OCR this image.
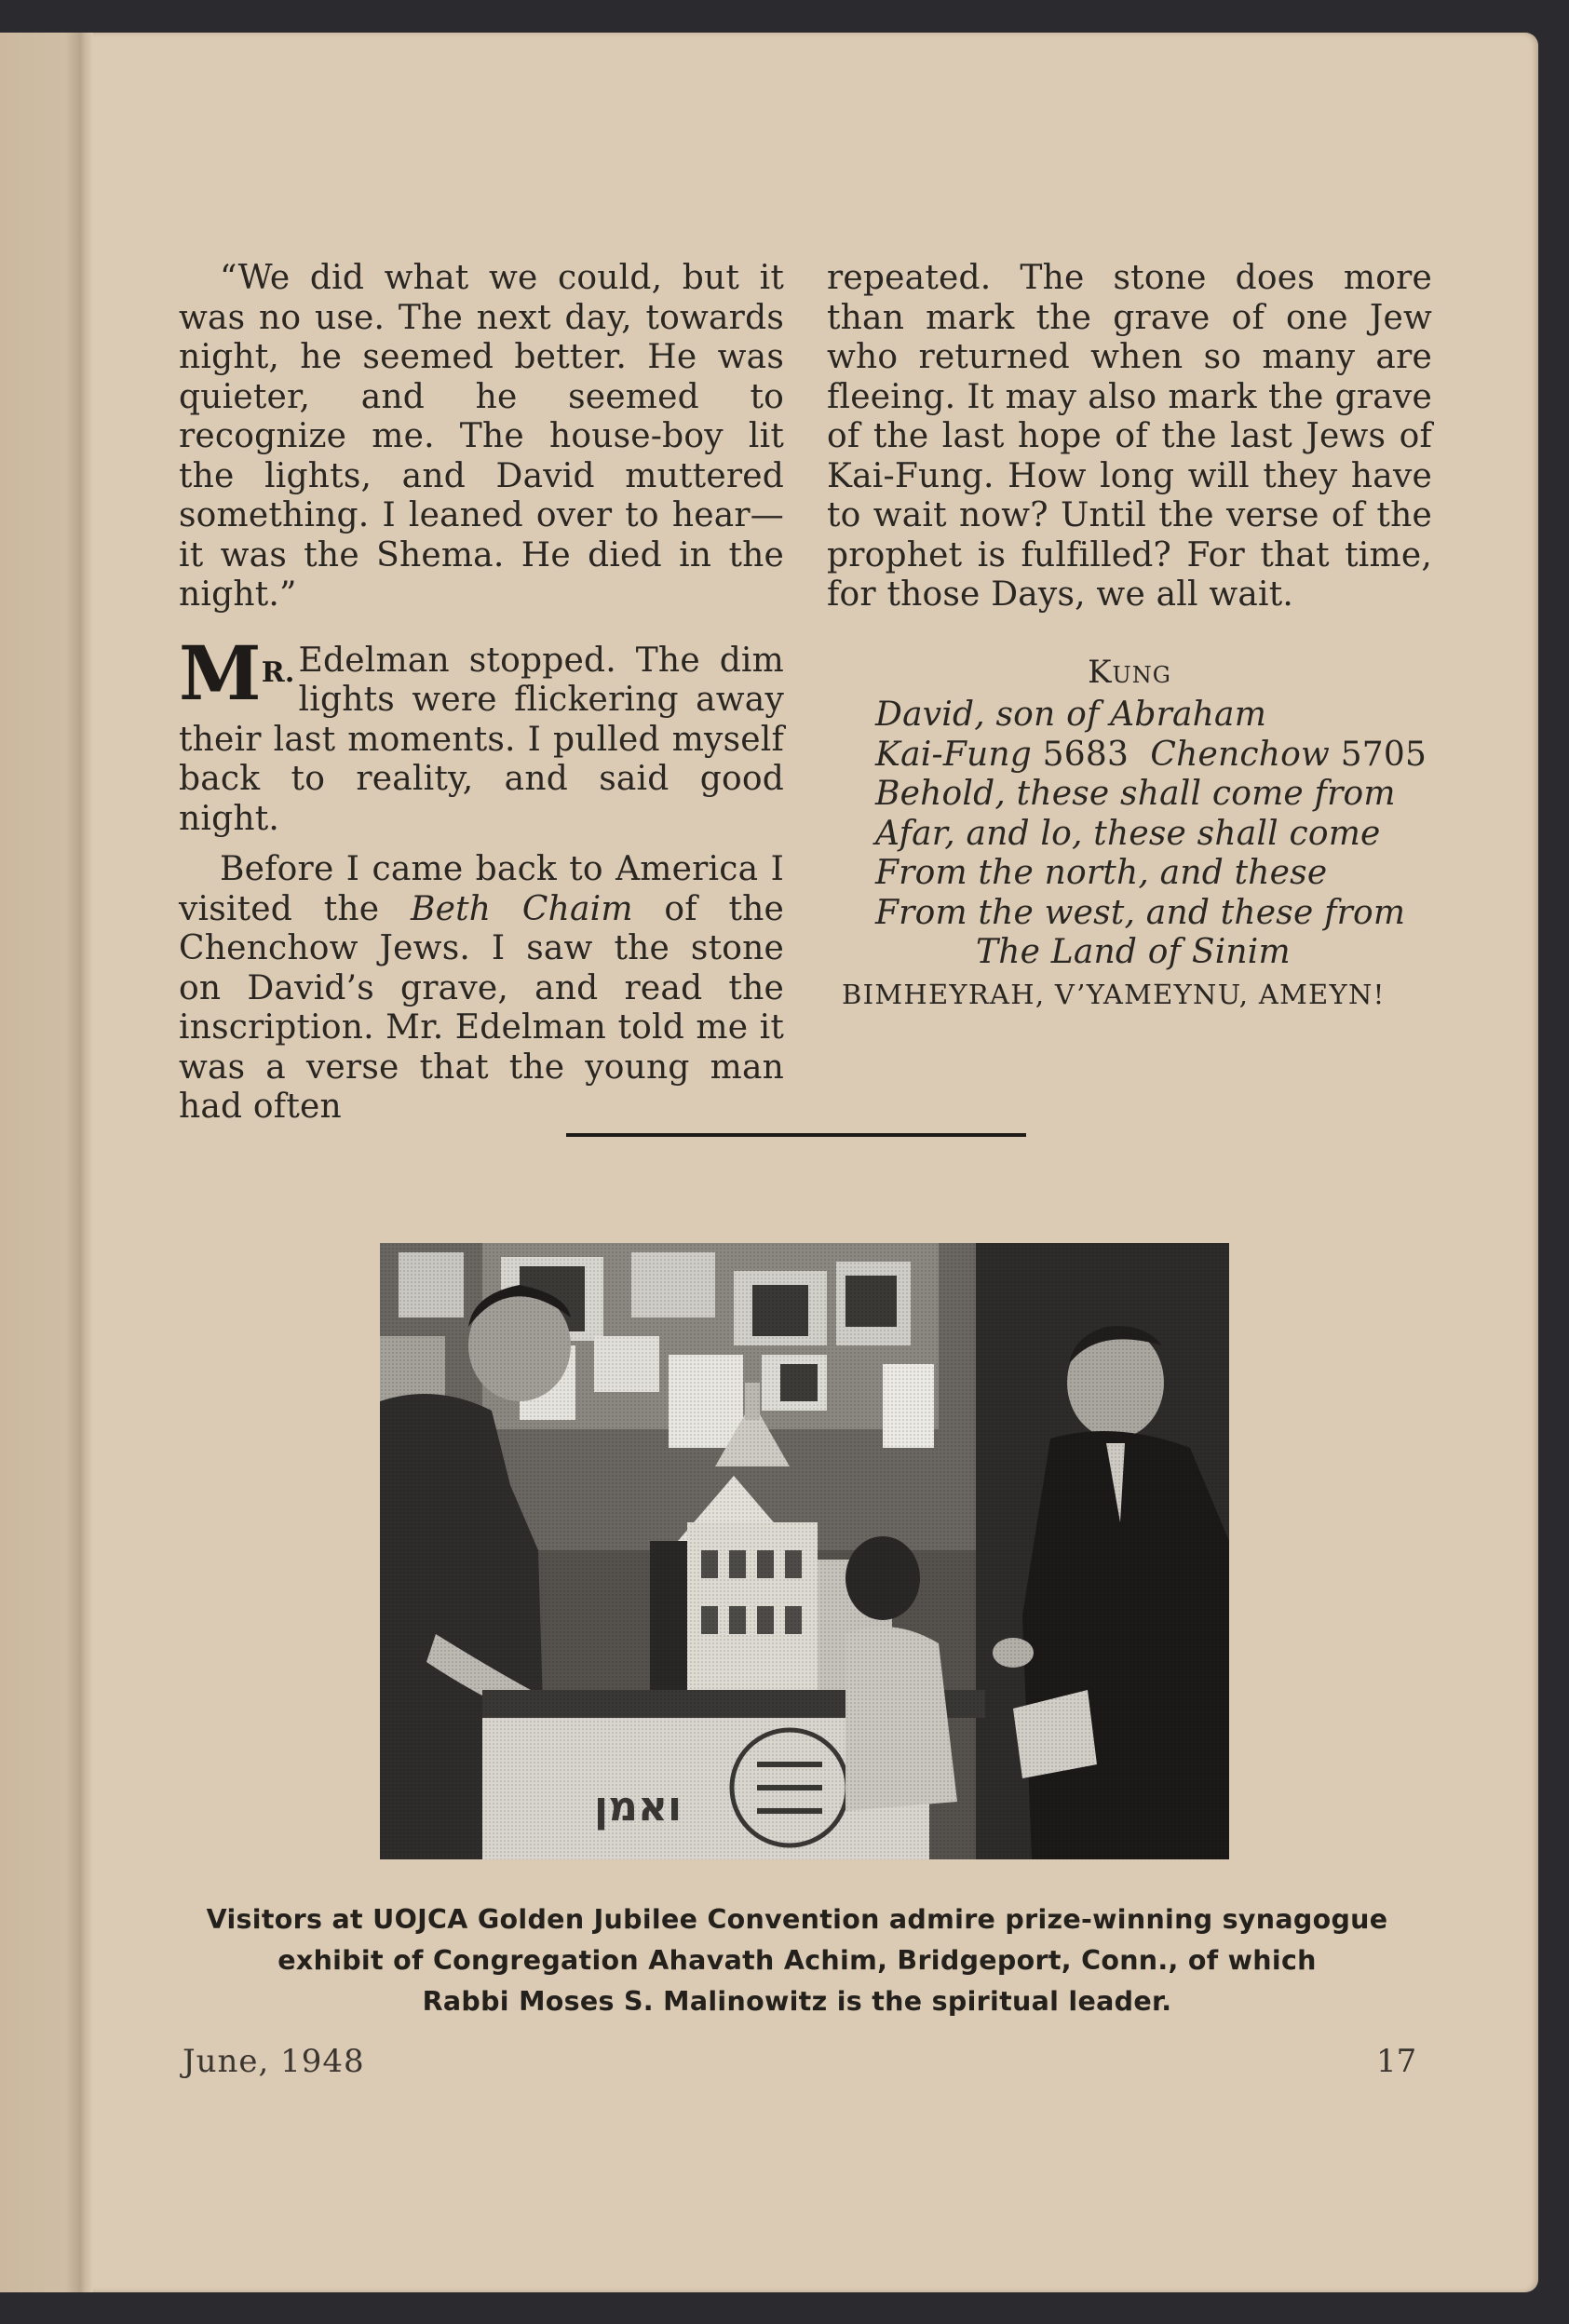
“We did what we could, but it was no use. The next day, towards night, he seemed better. He was quieter, and he seemed to recognize me. The house-boy lit the lights, and David muttered something. I leaned over to hear—it was the Shema. He died in the night.”

$M^{R.}$ Edelman stopped. The dim lights were flickering away their last moments. I pulled myself back to reality, and said good night.

Before I came back to America I visited the Beth Chaim of the Chenchow Jews. I saw the stone on David’s grave, and read the inscription. Mr. Edelman told me it was a verse that the young man had often

repeated. The stone does more than mark the grave of one Jew who returned when so many are fleeing. It may also mark the grave of the last hope of the last Jews of Kai-Fung. How long will they have to wait now? Until the verse of the prophet is fulfilled? For that time, for those Days, we all wait.

Kung
David, son of Abraham
Kai-Fung 5683  Chenchow 5705
Behold, these shall come from
Afar, and lo, these shall come
From the north, and these
From the west, and these from
The Land of Sinim
BIMHEYRAH, V’YAMEYNU, AMEYN!
Visitors at UOJCA Golden Jubilee Convention admire prize-winning synagogue
exhibit of Congregation Ahavath Achim, Bridgeport, Conn., of which
Rabbi Moses S. Malinowitz is the spiritual leader.
June, 1948	17
